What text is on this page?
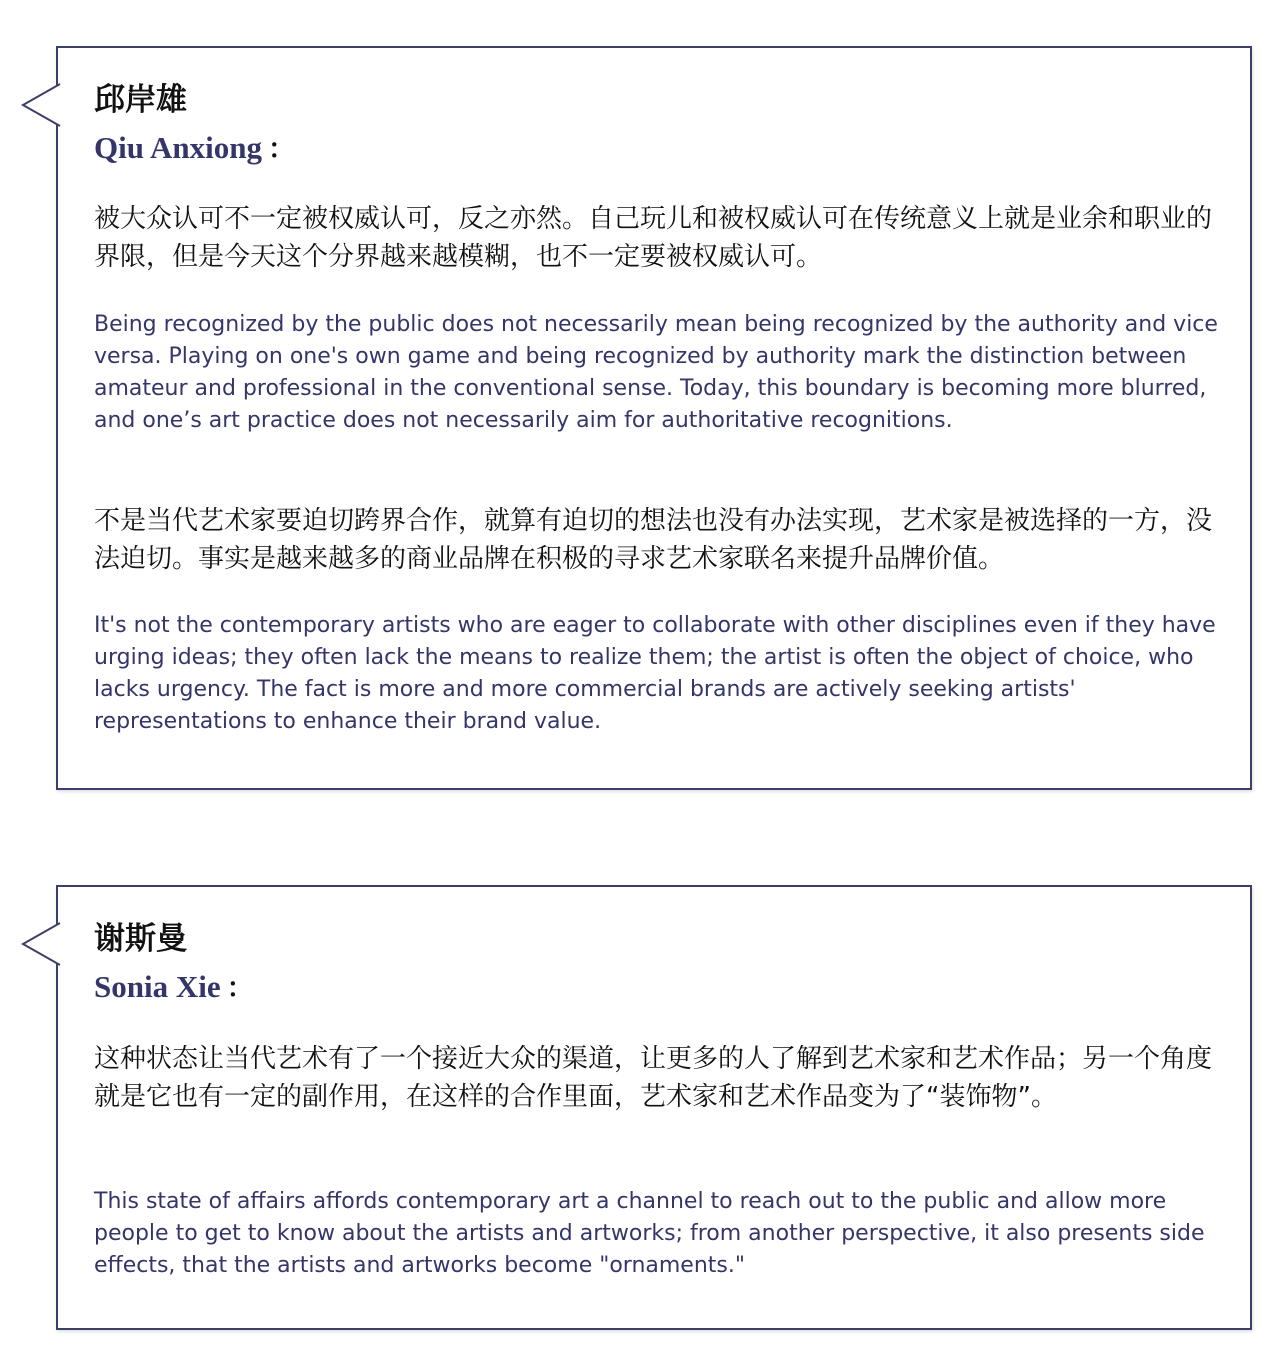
邱岸雄
Qiu Anxiong ：

被大众认可不一定被权威认可，反之亦然。自己玩儿和被权威认可在传统意义上就是业余和职业的界限，但是今天这个分界越来越模糊，也不一定要被权威认可。

Being recognized by the public does not necessarily mean being recognized by the authority and vice versa. Playing on one's own game and being recognized by authority mark the distinction between amateur and professional in the conventional sense. Today, this boundary is becoming more blurred, and one’s art practice does not necessarily aim for authoritative recognitions.

不是当代艺术家要迫切跨界合作，就算有迫切的想法也没有办法实现，艺术家是被选择的一方，没法迫切。事实是越来越多的商业品牌在积极的寻求艺术家联名来提升品牌价值。

It's not the contemporary artists who are eager to collaborate with other disciplines even if they have urging ideas; they often lack the means to realize them; the artist is often the object of choice, who lacks urgency. The fact is more and more commercial brands are actively seeking artists' representations to enhance their brand value.

谢斯曼
Sonia Xie ：

这种状态让当代艺术有了一个接近大众的渠道，让更多的人了解到艺术家和艺术作品；另一个角度就是它也有一定的副作用，在这样的合作里面，艺术家和艺术作品变为了“装饰物”。

This state of affairs affords contemporary art a channel to reach out to the public and allow more people to get to know about the artists and artworks; from another perspective, it also presents side effects, that the artists and artworks become "ornaments."
